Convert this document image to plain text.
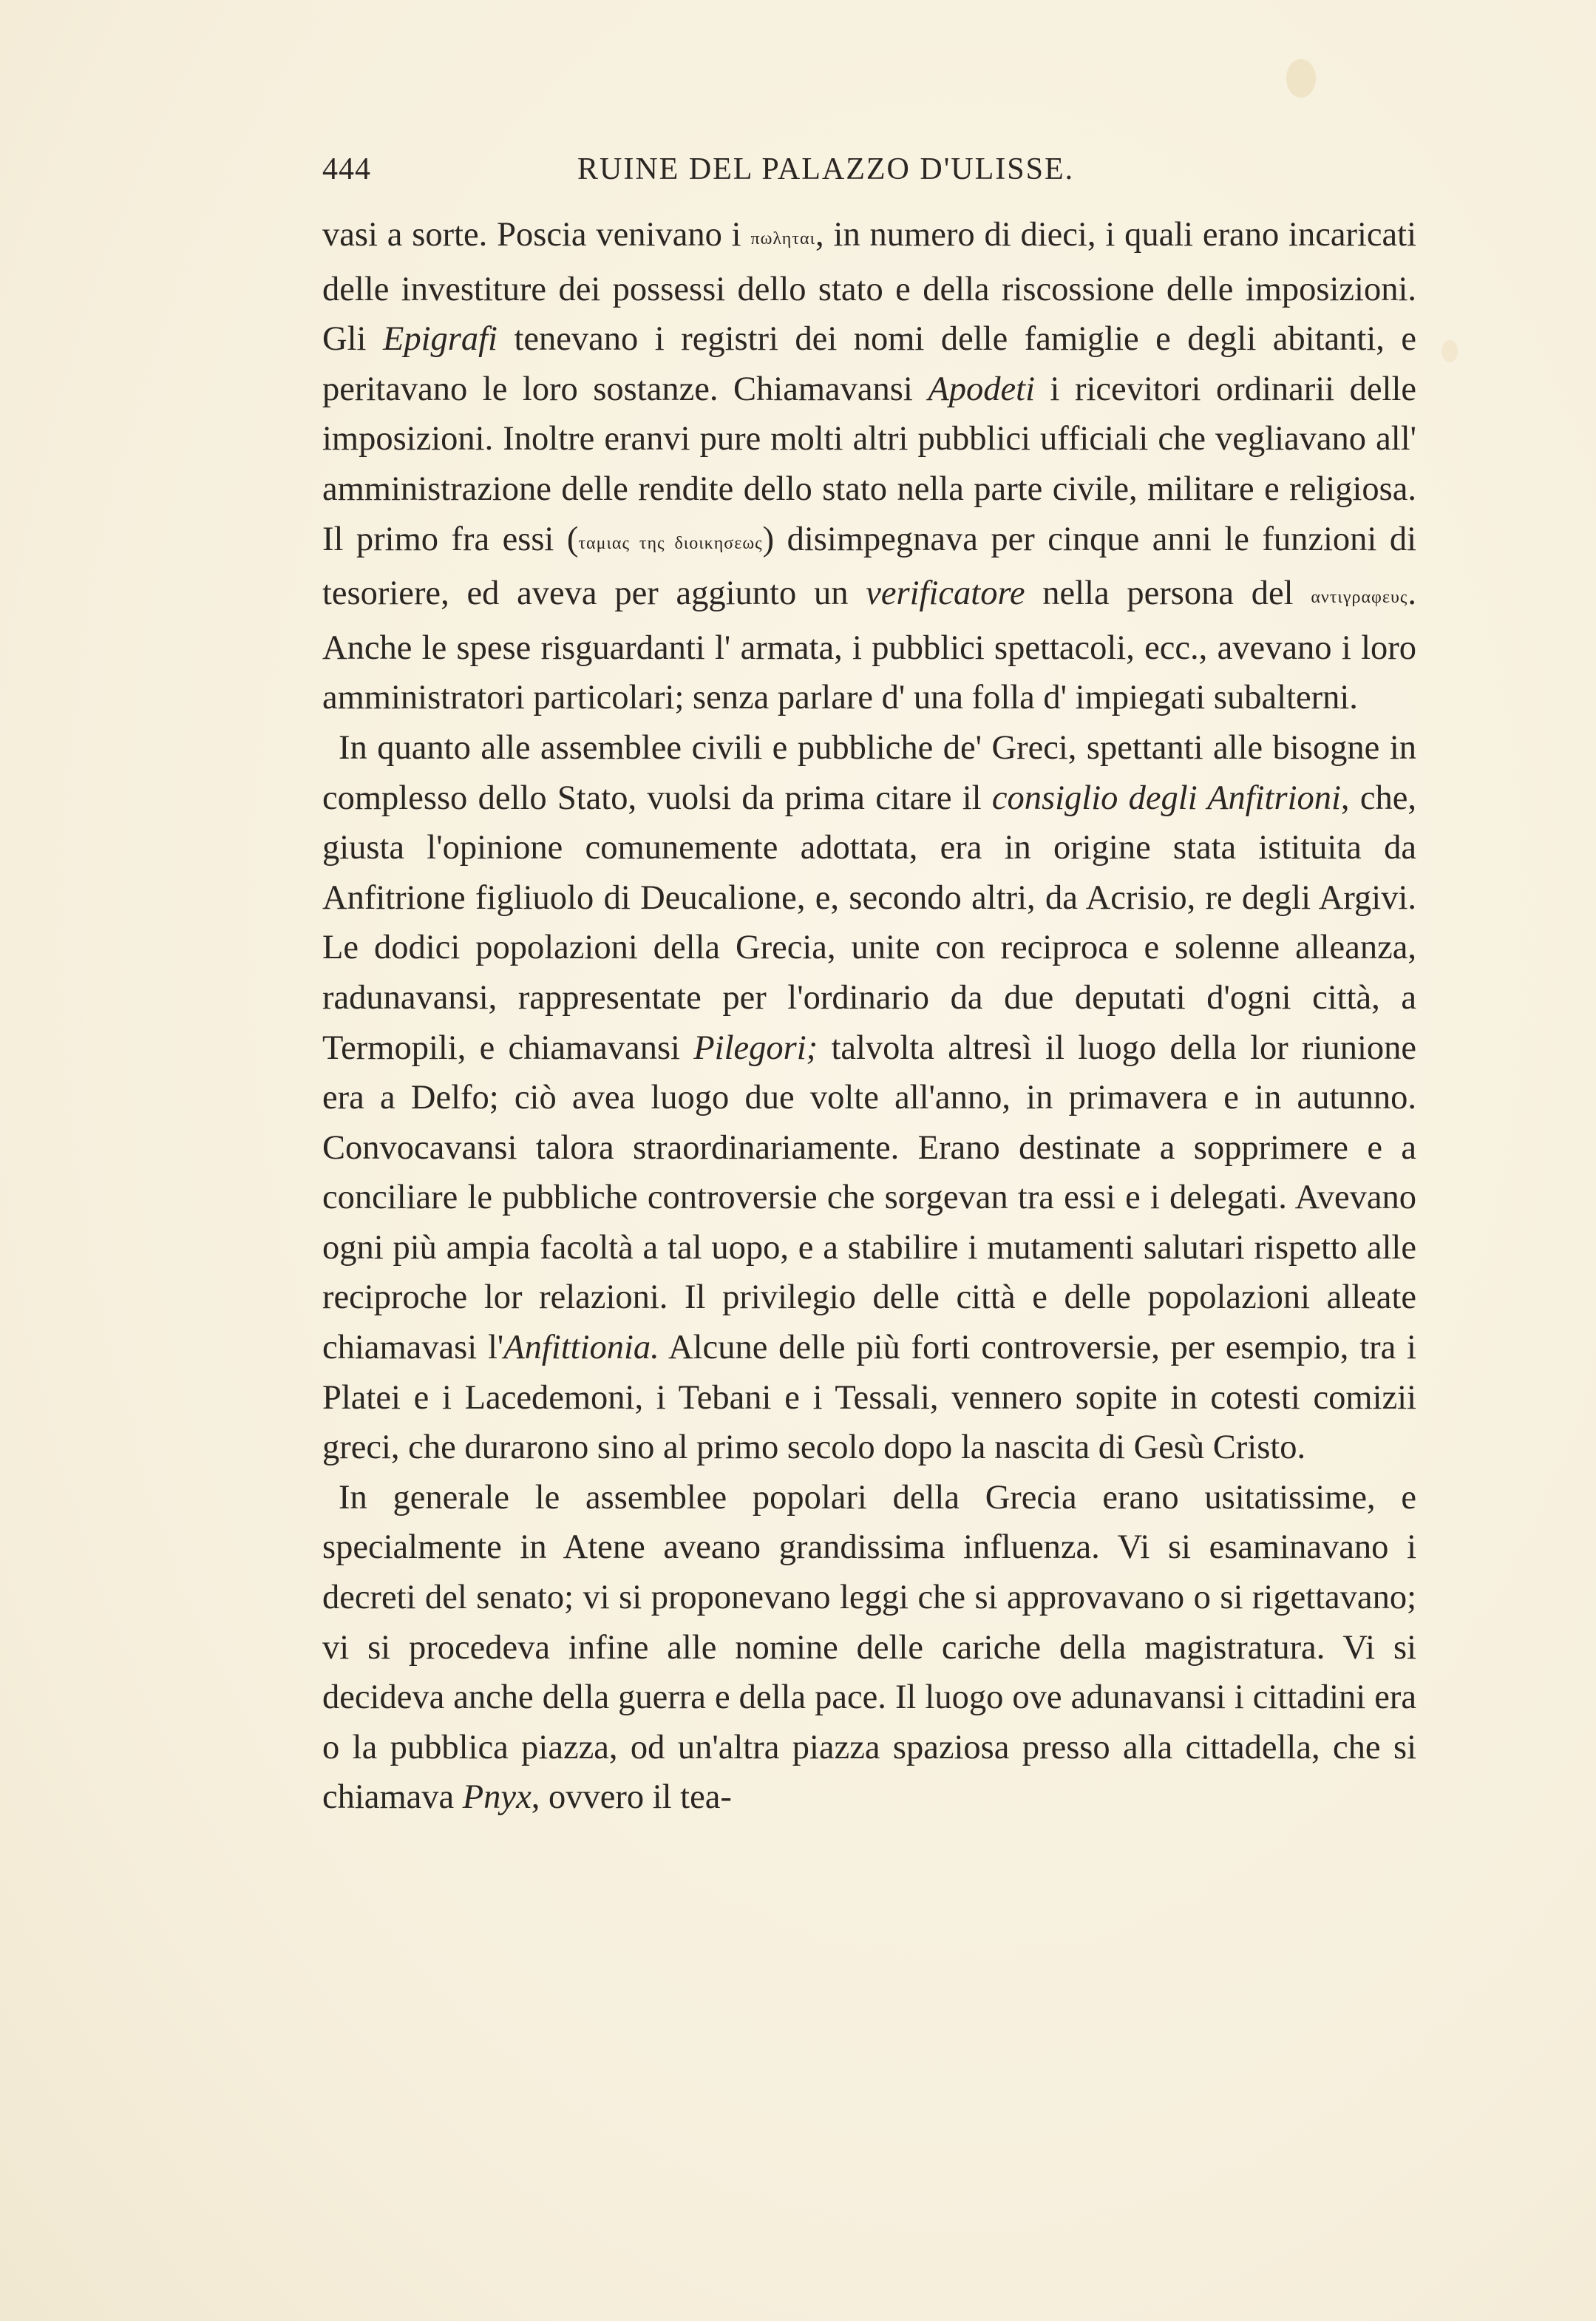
444	RUINE DEL PALAZZO D'ULISSE.

vasi a sorte. Poscia venivano i πωληται, in numero di dieci, i quali erano incaricati delle investiture dei possessi dello stato e della riscossione delle imposizioni. Gli Epigrafi tenevano i registri dei nomi delle famiglie e degli abitanti, e peritavano le loro sostanze. Chiamavansi Apodeti i ricevitori ordinarii delle imposizioni. Inoltre eranvi pure molti altri pubblici ufficiali che vegliavano all' amministrazione delle rendite dello stato nella parte civile, militare e religiosa. Il primo fra essi (ταμιας της διοικησεως) disimpegnava per cinque anni le funzioni di tesoriere, ed aveva per aggiunto un verificatore nella persona del αντιγραφευς. Anche le spese risguardanti l' armata, i pubblici spettacoli, ecc., avevano i loro amministratori particolari; senza parlare d' una folla d' impiegati subalterni.

In quanto alle assemblee civili e pubbliche de' Greci, spettanti alle bisogne in complesso dello Stato, vuolsi da prima citare il consiglio degli Anfitrioni, che, giusta l'opinione comunemente adottata, era in origine stata istituita da Anfitrione figliuolo di Deucalione, e, secondo altri, da Acrisio, re degli Argivi. Le dodici popolazioni della Grecia, unite con reciproca e solenne alleanza, radunavansi, rappresentate per l'ordinario da due deputati d'ogni città, a Termopili, e chiamavansi Pilegori; talvolta altresì il luogo della lor riunione era a Delfo; ciò avea luogo due volte all'anno, in primavera e in autunno. Convocavansi talora straordinariamente. Erano destinate a sopprimere e a conciliare le pubbliche controversie che sorgevan tra essi e i delegati. Avevano ogni più ampia facoltà a tal uopo, e a stabilire i mutamenti salutari rispetto alle reciproche lor relazioni. Il privilegio delle città e delle popolazioni alleate chiamavasi l'Anfittionia. Alcune delle più forti controversie, per esempio, tra i Platei e i Lacedemoni, i Tebani e i Tessali, vennero sopite in cotesti comizii greci, che durarono sino al primo secolo dopo la nascita di Gesù Cristo.

In generale le assemblee popolari della Grecia erano usitatissime, e specialmente in Atene aveano grandissima influenza. Vi si esaminavano i decreti del senato; vi si proponevano leggi che si approvavano o si rigettavano; vi si procedeva infine alle nomine delle cariche della magistratura. Vi si decideva anche della guerra e della pace. Il luogo ove adunavansi i cittadini era o la pubblica piazza, od un'altra piazza spaziosa presso alla cittadella, che si chiamava Pnyx, ovvero il tea-
